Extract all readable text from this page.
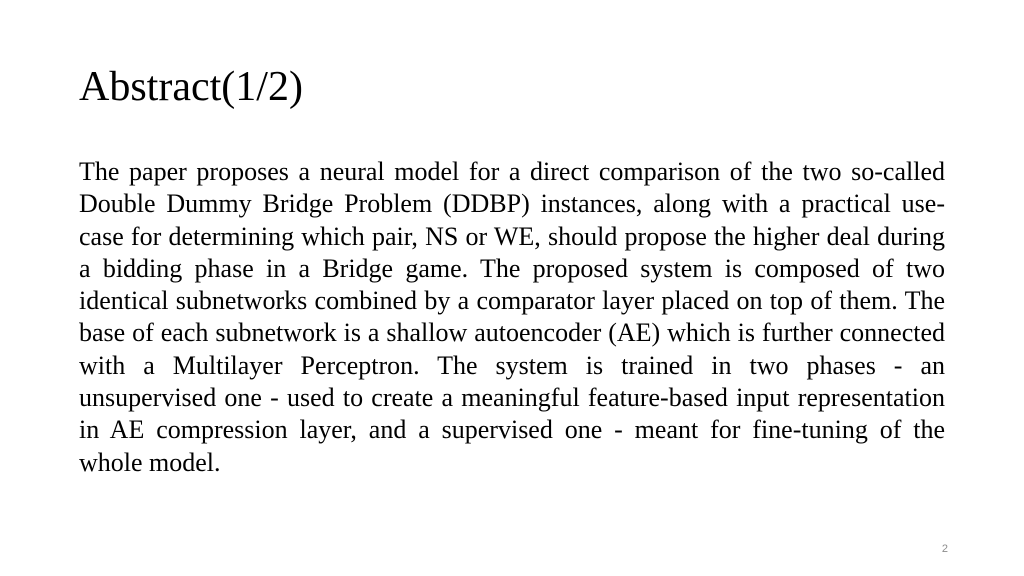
Abstract(1/2)

The paper proposes a neural model for a direct comparison of the two so-called Double Dummy Bridge Problem (DDBP) instances, along with a practical use-case for determining which pair, NS or WE, should propose the higher deal during a bidding phase in a Bridge game. The proposed system is composed of two identical subnetworks combined by a comparator layer placed on top of them. The base of each subnetwork is a shallow autoencoder (AE) which is further connected with a Multilayer Perceptron. The system is trained in two phases - an unsupervised one - used to create a meaningful feature-based input representation in AE compression layer, and a supervised one - meant for fine-tuning of the whole model.

2
